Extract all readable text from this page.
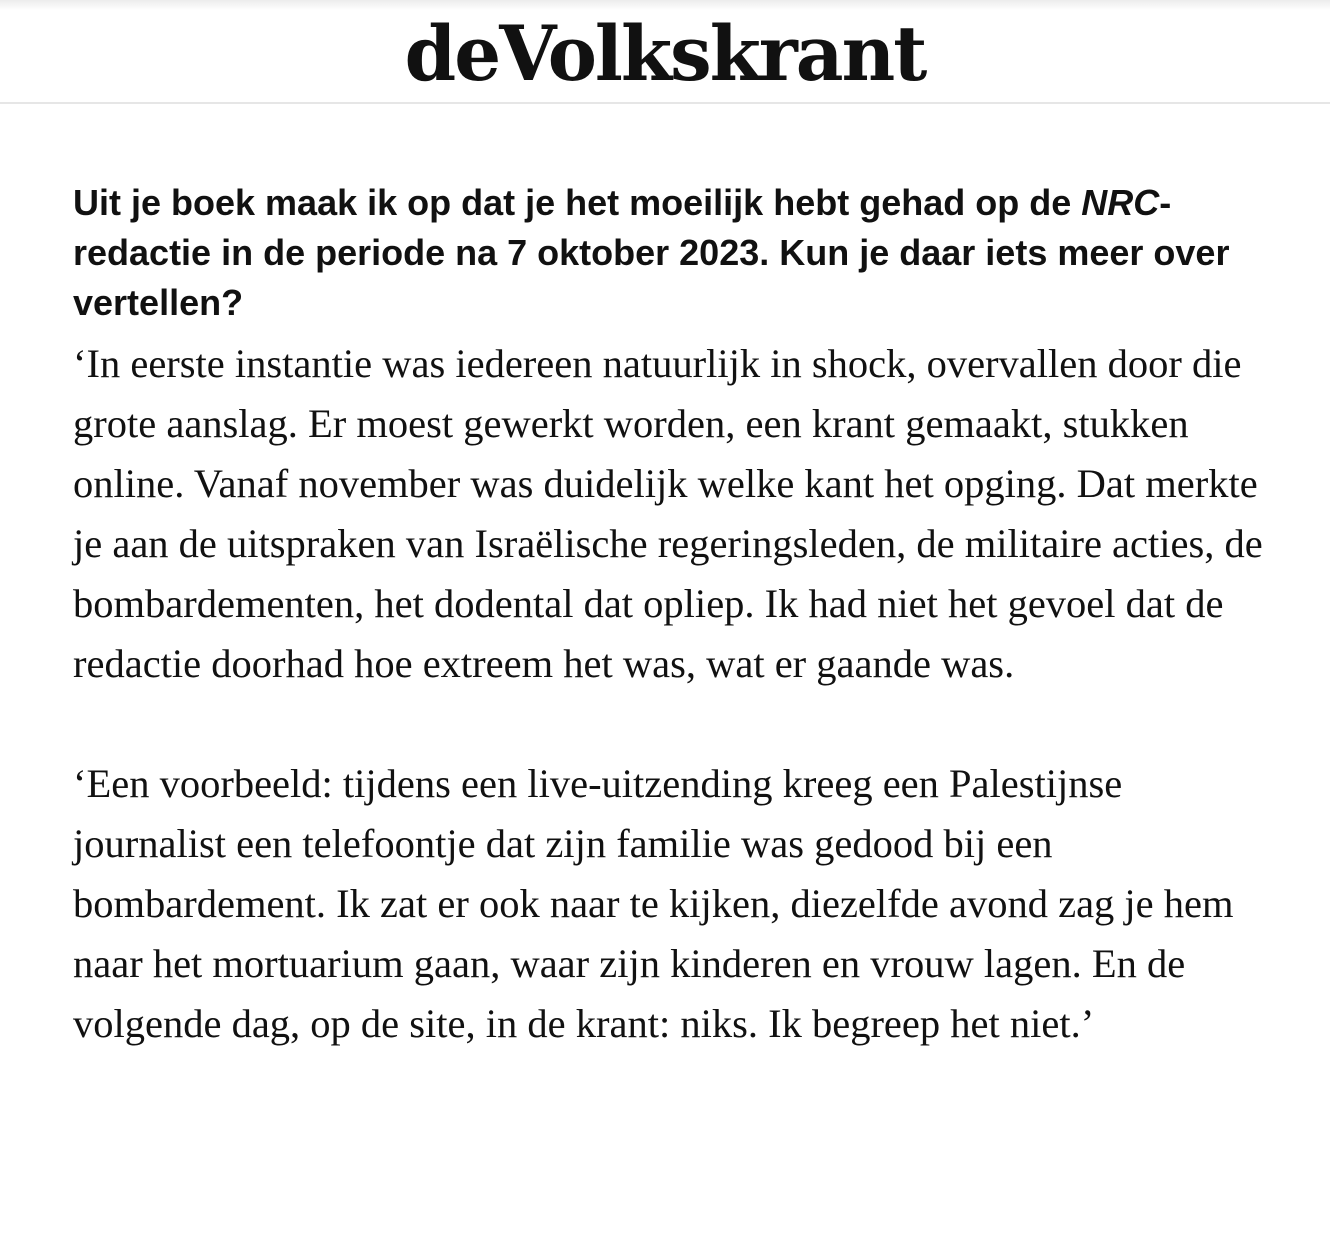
deVolkskrant
Uit je boek maak ik op dat je het moeilijk hebt gehad op de NRC-redactie in de periode na 7 oktober 2023. Kun je daar iets meer over vertellen?

‘In eerste instantie was iedereen natuurlijk in shock, overvallen door die grote aanslag. Er moest gewerkt worden, een krant gemaakt, stukken online. Vanaf november was duidelijk welke kant het opging. Dat merkte je aan de uitspraken van Israëlische regeringsleden, de militaire acties, de bombardementen, het dodental dat opliep. Ik had niet het gevoel dat de redactie doorhad hoe extreem het was, wat er gaande was.

‘Een voorbeeld: tijdens een live-uitzending kreeg een Palestijnse journalist een telefoontje dat zijn familie was gedood bij een bombardement. Ik zat er ook naar te kijken, diezelfde avond zag je hem naar het mortuarium gaan, waar zijn kinderen en vrouw lagen. En de volgende dag, op de site, in de krant: niks. Ik begreep het niet.’
